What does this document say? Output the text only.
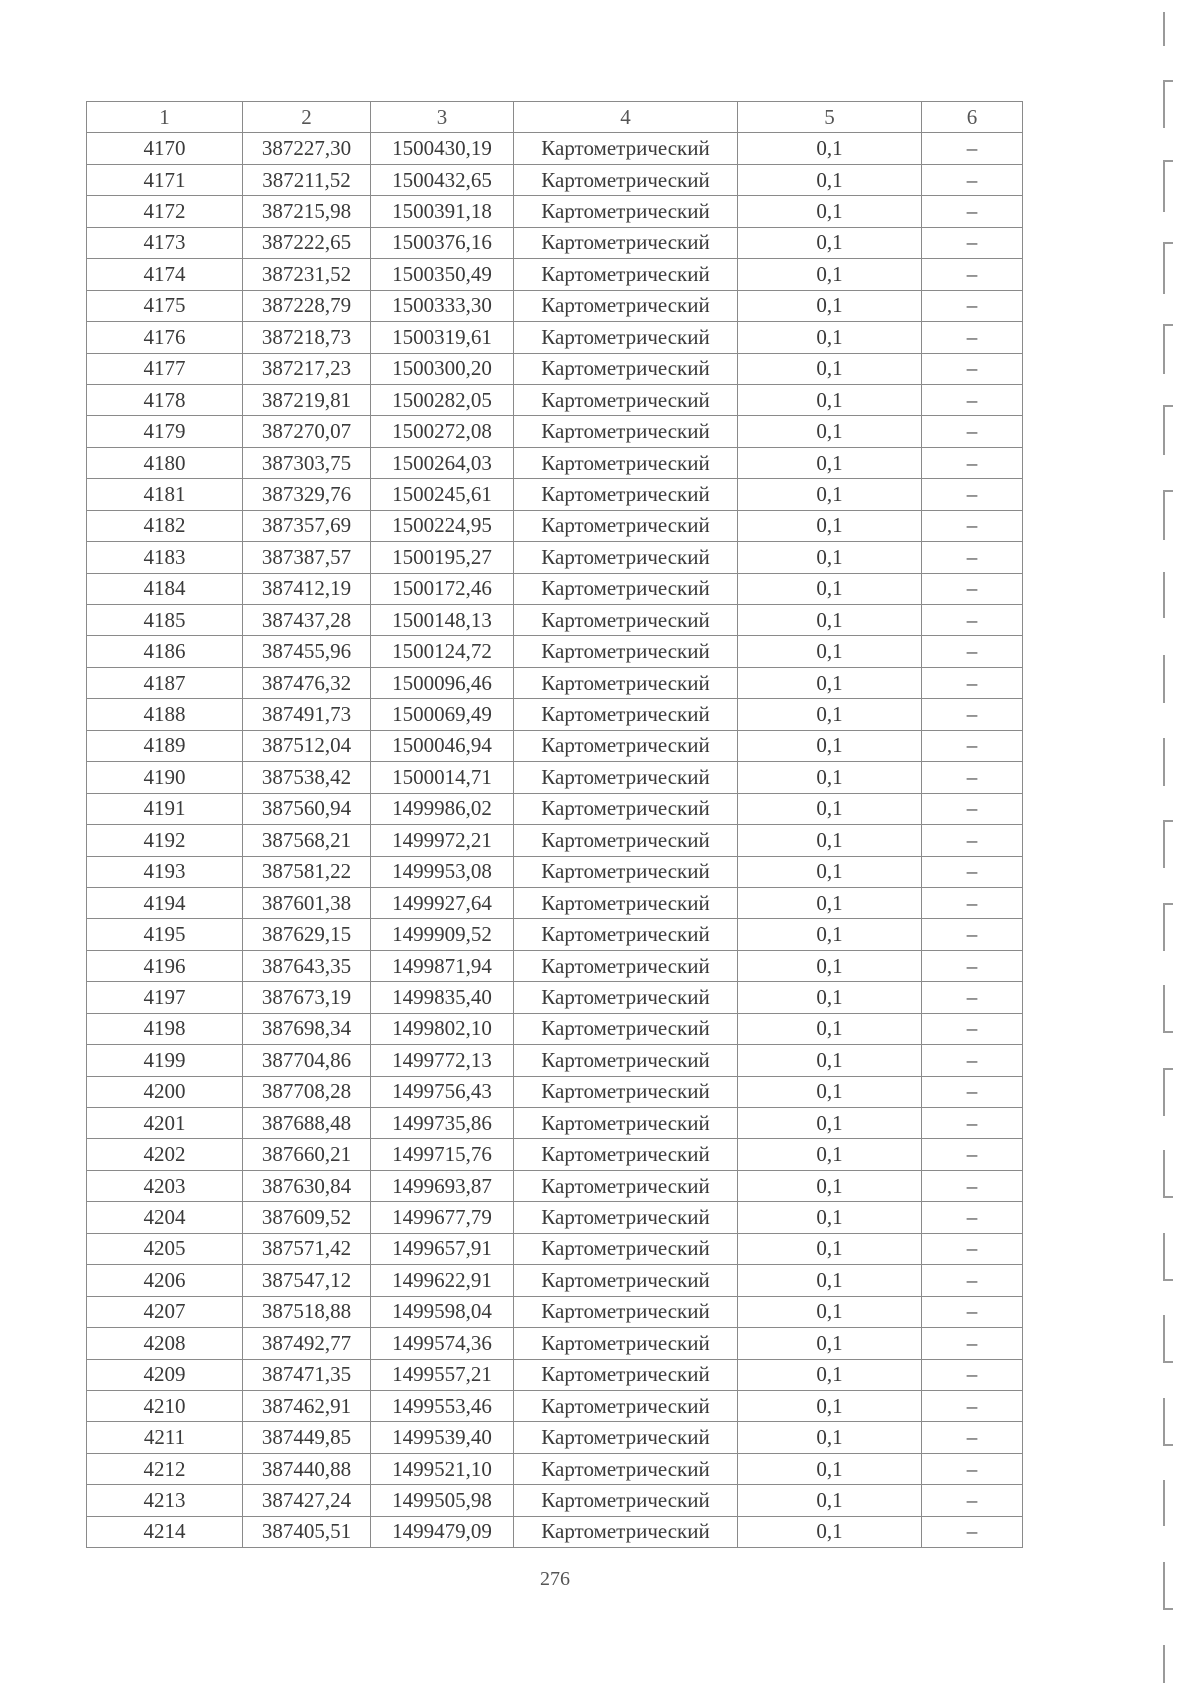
1	2	3	4	5	6
4170	387227,30	1500430,19	Картометрический	0,1	–
4171	387211,52	1500432,65	Картометрический	0,1	–
4172	387215,98	1500391,18	Картометрический	0,1	–
4173	387222,65	1500376,16	Картометрический	0,1	–
4174	387231,52	1500350,49	Картометрический	0,1	–
4175	387228,79	1500333,30	Картометрический	0,1	–
4176	387218,73	1500319,61	Картометрический	0,1	–
4177	387217,23	1500300,20	Картометрический	0,1	–
4178	387219,81	1500282,05	Картометрический	0,1	–
4179	387270,07	1500272,08	Картометрический	0,1	–
4180	387303,75	1500264,03	Картометрический	0,1	–
4181	387329,76	1500245,61	Картометрический	0,1	–
4182	387357,69	1500224,95	Картометрический	0,1	–
4183	387387,57	1500195,27	Картометрический	0,1	–
4184	387412,19	1500172,46	Картометрический	0,1	–
4185	387437,28	1500148,13	Картометрический	0,1	–
4186	387455,96	1500124,72	Картометрический	0,1	–
4187	387476,32	1500096,46	Картометрический	0,1	–
4188	387491,73	1500069,49	Картометрический	0,1	–
4189	387512,04	1500046,94	Картометрический	0,1	–
4190	387538,42	1500014,71	Картометрический	0,1	–
4191	387560,94	1499986,02	Картометрический	0,1	–
4192	387568,21	1499972,21	Картометрический	0,1	–
4193	387581,22	1499953,08	Картометрический	0,1	–
4194	387601,38	1499927,64	Картометрический	0,1	–
4195	387629,15	1499909,52	Картометрический	0,1	–
4196	387643,35	1499871,94	Картометрический	0,1	–
4197	387673,19	1499835,40	Картометрический	0,1	–
4198	387698,34	1499802,10	Картометрический	0,1	–
4199	387704,86	1499772,13	Картометрический	0,1	–
4200	387708,28	1499756,43	Картометрический	0,1	–
4201	387688,48	1499735,86	Картометрический	0,1	–
4202	387660,21	1499715,76	Картометрический	0,1	–
4203	387630,84	1499693,87	Картометрический	0,1	–
4204	387609,52	1499677,79	Картометрический	0,1	–
4205	387571,42	1499657,91	Картометрический	0,1	–
4206	387547,12	1499622,91	Картометрический	0,1	–
4207	387518,88	1499598,04	Картометрический	0,1	–
4208	387492,77	1499574,36	Картометрический	0,1	–
4209	387471,35	1499557,21	Картометрический	0,1	–
4210	387462,91	1499553,46	Картометрический	0,1	–
4211	387449,85	1499539,40	Картометрический	0,1	–
4212	387440,88	1499521,10	Картометрический	0,1	–
4213	387427,24	1499505,98	Картометрический	0,1	–
4214	387405,51	1499479,09	Картометрический	0,1	–
276
